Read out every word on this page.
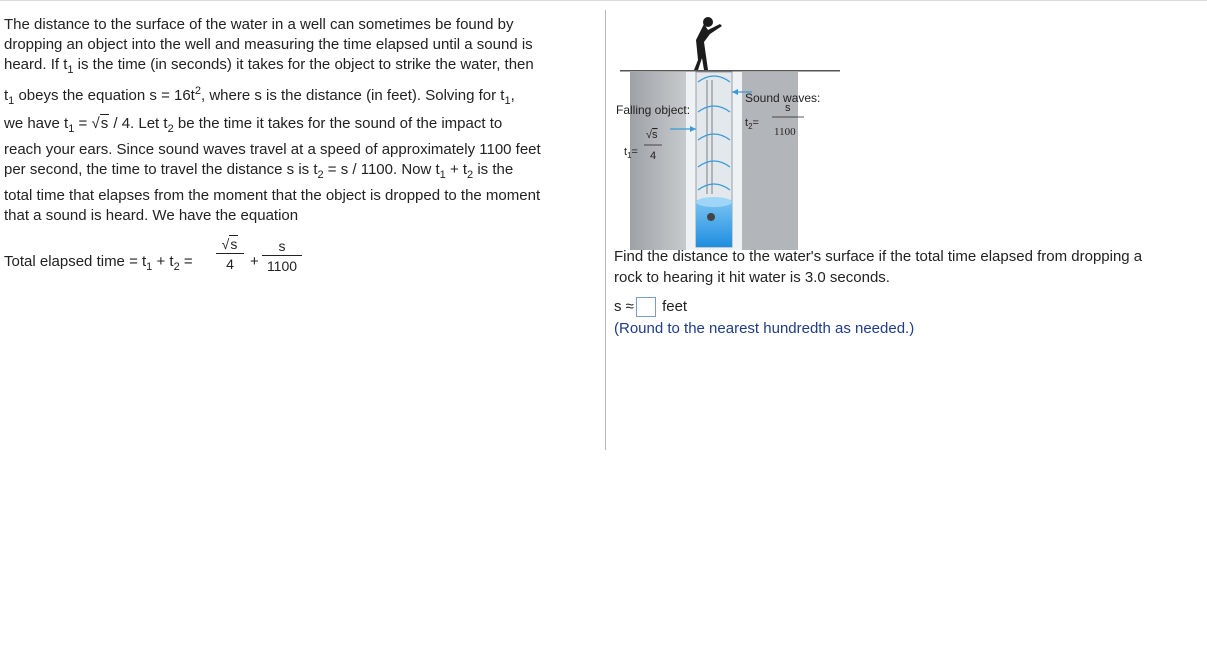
The distance to the surface of the water in a well can sometimes be found by
dropping an object into the well and measuring the time elapsed until a sound is
heard. If $t_1$ is the time (in seconds) it takes for the object to strike the water, then
$t_1$ obeys the equation $s = 16t^2$, where s is the distance (in feet). Solving for $t_1$,
we have $t_1 = √s / 4$. Let $t_2$ be the time it takes for the sound of the impact to
reach your ears. Since sound waves travel at a speed of approximately 1100 feet
per second, the time to travel the distance s is $t_2 = s / 1100$. Now $t_1 + t_2$ is the
total time that elapses from the moment that the object is dropped to the moment
that a sound is heard. We have the equation
Total elapsed time = $t_1 + t_2 = \frac{√s}{4} + \frac{s}{1100}$
Falling object:
Sound waves:
$t_1=$
√s
4
$t_2=$
s
1100
Find the distance to the water's surface if the total time elapsed from dropping a
rock to hearing it hit water is 3.0 seconds.
s ≈ feet
(Round to the nearest hundredth as needed.)
